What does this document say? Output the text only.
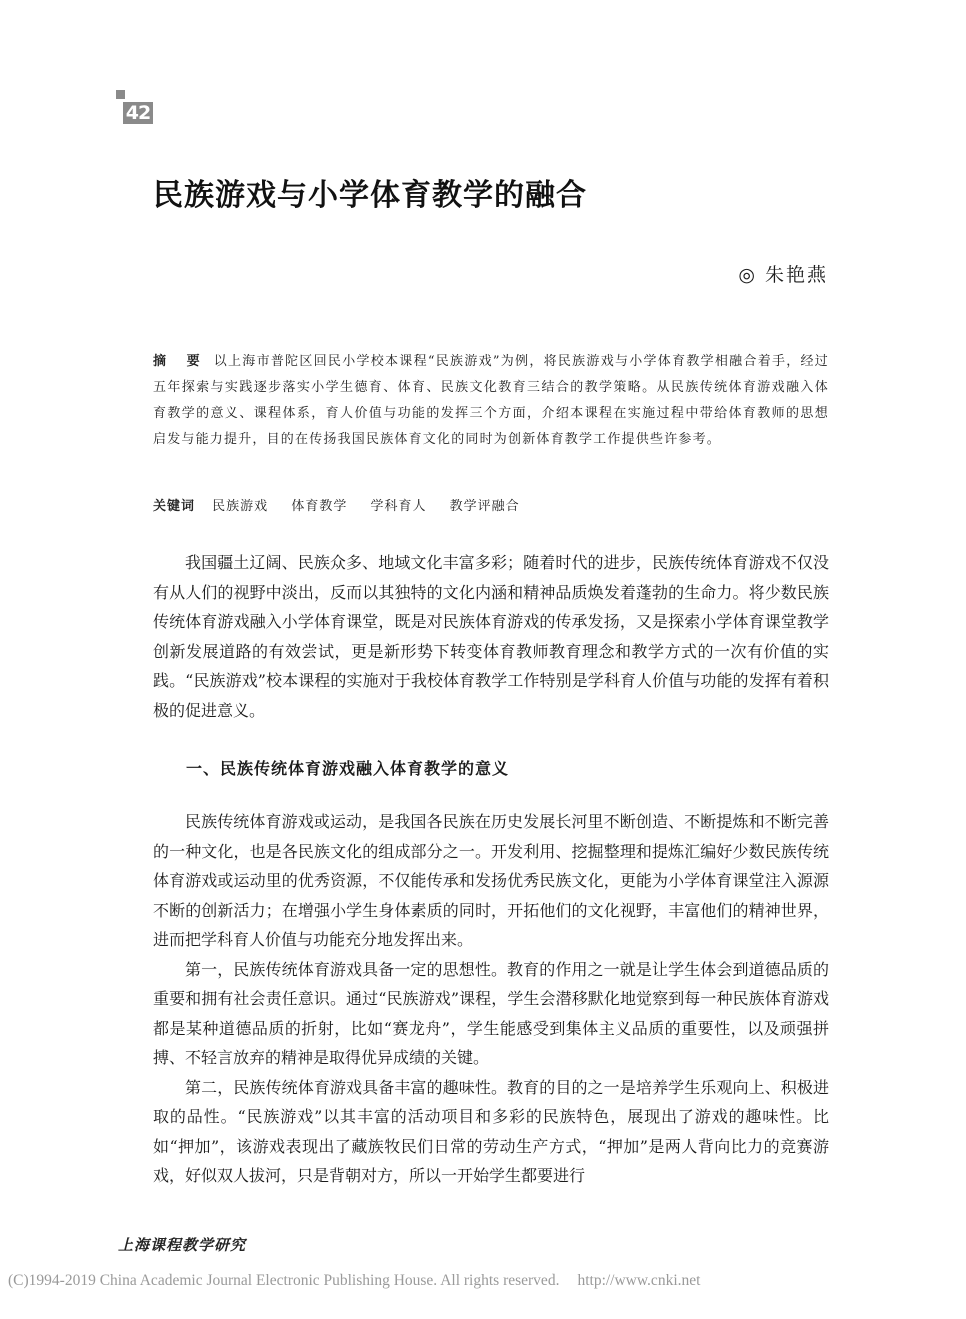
42
民族游戏与小学体育教学的融合
◎ 朱艳燕
摘 要 以上海市普陀区回民小学校本课程“民族游戏”为例，将民族游戏与小学体育教学相融合着手，经过五年探索与实践逐步落实小学生德育、体育、民族文化教育三结合的教学策略。从民族传统体育游戏融入体育教学的意义、课程体系，育人价值与功能的发挥三个方面，介绍本课程在实施过程中带给体育教师的思想启发与能力提升，目的在传扬我国民族体育文化的同时为创新体育教学工作提供些许参考。
关键词 民族游戏 体育教学 学科育人 教学评融合

我国疆土辽阔、民族众多、地域文化丰富多彩；随着时代的进步，民族传统体育游戏不仅没有从人们的视野中淡出，反而以其独特的文化内涵和精神品质焕发着蓬勃的生命力。将少数民族传统体育游戏融入小学体育课堂，既是对民族体育游戏的传承发扬，又是探索小学体育课堂教学创新发展道路的有效尝试，更是新形势下转变体育教师教育理念和教学方式的一次有价值的实践。“民族游戏”校本课程的实施对于我校体育教学工作特别是学科育人价值与功能的发挥有着积极的促进意义。

一、民族传统体育游戏融入体育教学的意义

民族传统体育游戏或运动，是我国各民族在历史发展长河里不断创造、不断提炼和不断完善的一种文化，也是各民族文化的组成部分之一。开发利用、挖掘整理和提炼汇编好少数民族传统体育游戏或运动里的优秀资源，不仅能传承和发扬优秀民族文化，更能为小学体育课堂注入源源不断的创新活力；在增强小学生身体素质的同时，开拓他们的文化视野，丰富他们的精神世界，进而把学科育人价值与功能充分地发挥出来。

第一，民族传统体育游戏具备一定的思想性。教育的作用之一就是让学生体会到道德品质的重要和拥有社会责任意识。通过“民族游戏”课程，学生会潜移默化地觉察到每一种民族体育游戏都是某种道德品质的折射，比如“赛龙舟”，学生能感受到集体主义品质的重要性，以及顽强拼搏、不轻言放弃的精神是取得优异成绩的关键。

第二，民族传统体育游戏具备丰富的趣味性。教育的目的之一是培养学生乐观向上、积极进取的品性。“民族游戏”以其丰富的活动项目和多彩的民族特色，展现出了游戏的趣味性。比如“押加”，该游戏表现出了藏族牧民们日常的劳动生产方式，“押加”是两人背向比力的竞赛游戏，好似双人拔河，只是背朝对方，所以一开始学生都要进行

上海课程教学研究
(C)1994-2019 China Academic Journal Electronic Publishing House. All rights reserved. http://www.cnki.net
